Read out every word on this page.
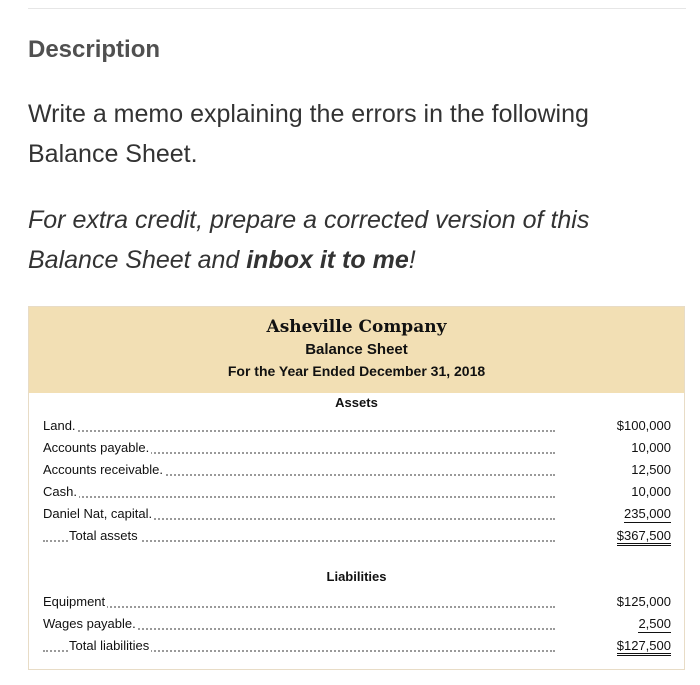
Description
Write a memo explaining the errors in the following Balance Sheet.
For extra credit, prepare a corrected version of this Balance Sheet and inbox it to me!
Asheville Company
Balance Sheet
For the Year Ended December 31, 2018
Assets
Land.	$100,000
Accounts payable.	10,000
Accounts receivable.	12,500
Cash.	10,000
Daniel Nat, capital.	235,000
Total assets	$367,500
Liabilities
Equipment	$125,000
Wages payable.	2,500
Total liabilities	$127,500
